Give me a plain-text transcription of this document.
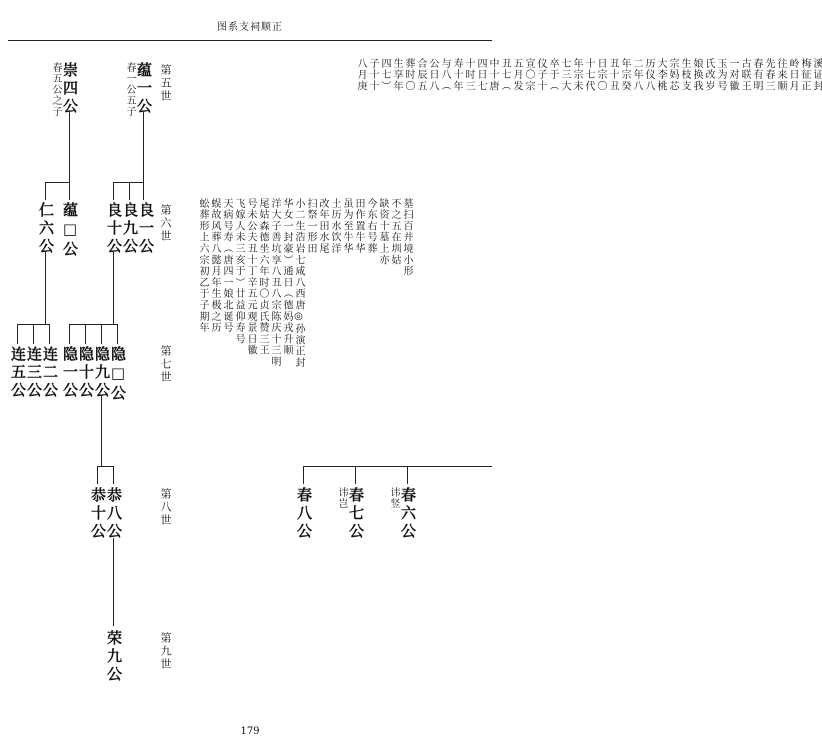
图系支祠顺正
179
第五世
第六世
第七世
第八世
第九世
春五公之子 崇四公	春一公五子 蕴一公
仁六公 蕴□公 良十公
良九公
良一公
连五公
连三公
连二公 隐一公
隐十公
隐九公
隐□公
恭十公
恭八公	春八公 讳岂 春七公 讳竖 春六公
荣九公
墓扫百并境小形
不之五在圳姑
缺资十墓上亦
今东右号葬
田作置牛华
虽为至牛华
土历水饮洋
改年田水尾
扫祭一形田
小二生浩岩七咸八西唐◎孙演正封
华女一封豪︶通日︵德妈戎升顺
洋大子善坑享八丑八宗陈庆十三明
尾姑森德坐六年时〇贞氏赞三王
号未公夫丑十丁辛五元观景日徽
飞嫁人未三亥于︶廿益仰寿号
天病号寿︵唐四一娘北诞号
蜈故风葬八懿月年生极之历
蚣葬形上六宗初乙于子期年
溪证封
梅征正
岭日月
往来顺
先春三
春有明
古联王
一对徽
玉为号
氏改岁
娘换我
生枝支
宗妈芯
大李桃
历仪八
二年八
年宗癸
丑十丑
日宗〇
十七代
年宗未
七三大
卒于︵
仪子十
宣〇宗
五月发
丑七︵
中十唐
四日七
十时三
寿十年
与八︵
公日八
合辰五
葬时〇
生享年
四七︶
子十十
八月庚
